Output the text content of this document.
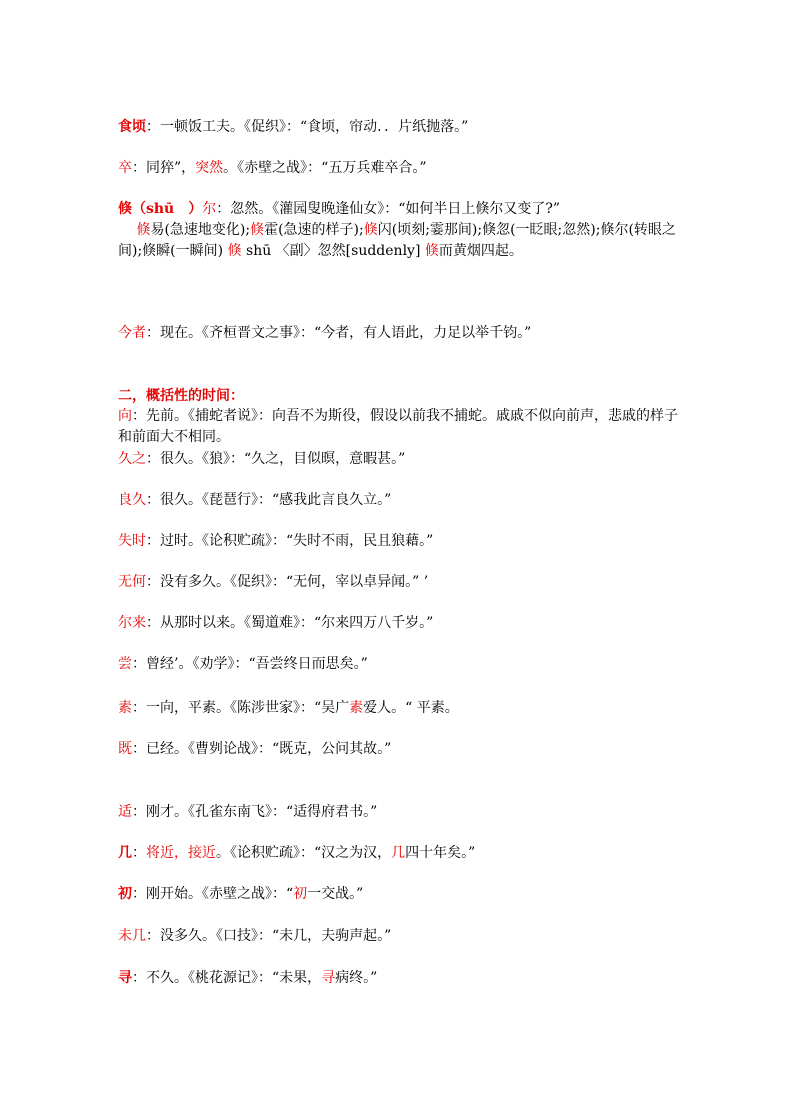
食顷：一顿饭工夫。《促织》：“食顷，帘动．．片纸抛落。”
卒：同猝”，突然。《赤壁之战》：“五万兵难卒合。”
倏（shū　）尔：忽然。《灌园叟晚逢仙女》：“如何半日上倏尔又变了?”
　 倏易(急速地变化);倏霍(急速的样子);倏闪(顷刻;霎那间);倏忽(一眨眼;忽然);倏尔(转眼之间);倏瞬(一瞬间) 倏 shū 〈副〉忽然[suddenly] 倏而黄烟四起。
今者：现在。《齐桓晋文之事》：“今者，有人语此，力足以举千钧。”
二，概括性的时间：
向：先前。《捕蛇者说》：向吾不为斯役，假设以前我不捕蛇。戚戚不似向前声，悲戚的样子和前面大不相同。
久之：很久。《狼》：“久之，目似暝，意暇甚。”
良久：很久。《琵琶行》：“感我此言良久立。”
失时：过时。《论积贮疏》：“失时不雨，民且狼藉。”
无何：没有多久。《促织》：“无何，宰以卓异闻。” ’
尔来：从那时以来。《蜀道难》：“尔来四万八千岁。”
尝：曾经’。《劝学》：“吾尝终日而思矣。”
素：一向，平素。《陈涉世家》：“吴广素爱人。“ 平素。
既：已经。《曹刿论战》：“既克，公问其故。”
适：刚才。《孔雀东南飞》：“适得府君书。”
几：将近，接近。《论积贮疏》：“汉之为汉，几四十年矣。”
初：刚开始。《赤壁之战》：“初一交战。”
未几：没多久。《口技》：“未几，夫驹声起。”
寻：不久。《桃花源记》：“未果，寻病终。”
